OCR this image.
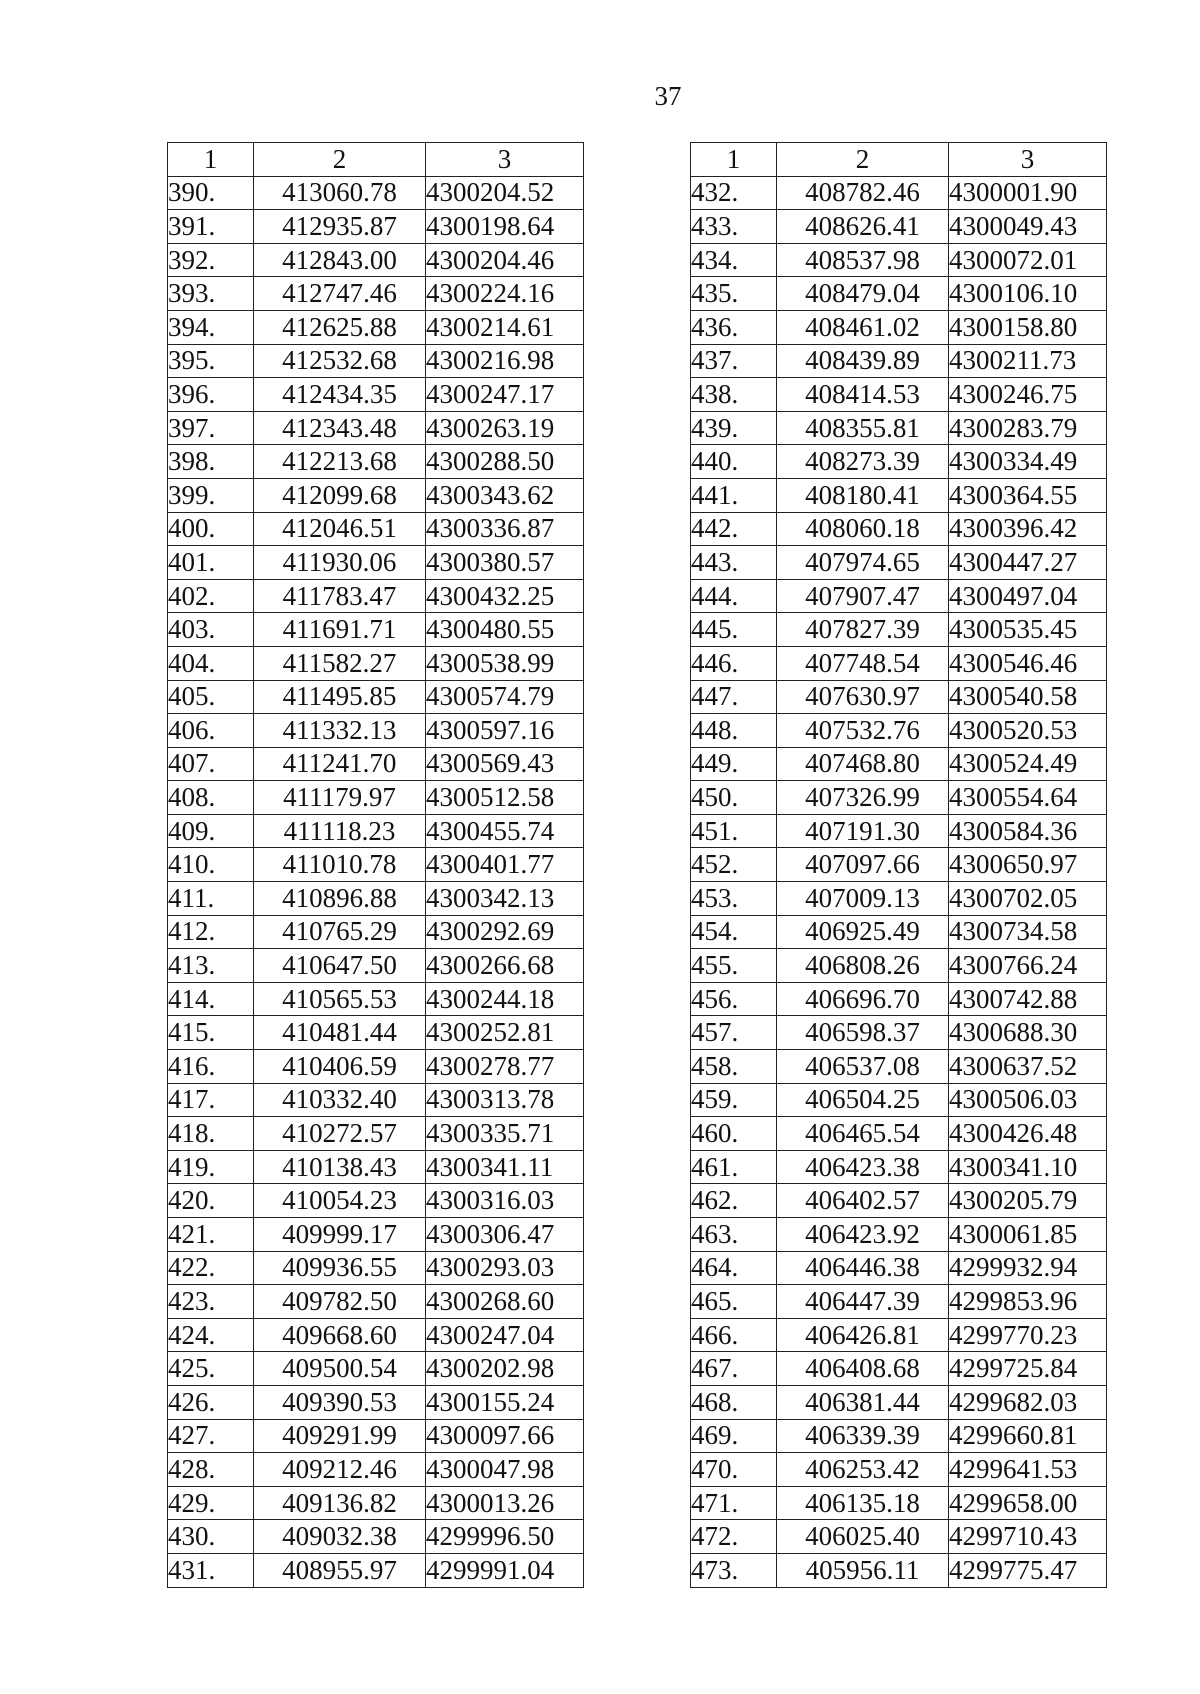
37
1	2	3
390.	413060.78	4300204.52
391.	412935.87	4300198.64
392.	412843.00	4300204.46
393.	412747.46	4300224.16
394.	412625.88	4300214.61
395.	412532.68	4300216.98
396.	412434.35	4300247.17
397.	412343.48	4300263.19
398.	412213.68	4300288.50
399.	412099.68	4300343.62
400.	412046.51	4300336.87
401.	411930.06	4300380.57
402.	411783.47	4300432.25
403.	411691.71	4300480.55
404.	411582.27	4300538.99
405.	411495.85	4300574.79
406.	411332.13	4300597.16
407.	411241.70	4300569.43
408.	411179.97	4300512.58
409.	411118.23	4300455.74
410.	411010.78	4300401.77
411.	410896.88	4300342.13
412.	410765.29	4300292.69
413.	410647.50	4300266.68
414.	410565.53	4300244.18
415.	410481.44	4300252.81
416.	410406.59	4300278.77
417.	410332.40	4300313.78
418.	410272.57	4300335.71
419.	410138.43	4300341.11
420.	410054.23	4300316.03
421.	409999.17	4300306.47
422.	409936.55	4300293.03
423.	409782.50	4300268.60
424.	409668.60	4300247.04
425.	409500.54	4300202.98
426.	409390.53	4300155.24
427.	409291.99	4300097.66
428.	409212.46	4300047.98
429.	409136.82	4300013.26
430.	409032.38	4299996.50
431.	408955.97	4299991.04
1	2	3
432.	408782.46	4300001.90
433.	408626.41	4300049.43
434.	408537.98	4300072.01
435.	408479.04	4300106.10
436.	408461.02	4300158.80
437.	408439.89	4300211.73
438.	408414.53	4300246.75
439.	408355.81	4300283.79
440.	408273.39	4300334.49
441.	408180.41	4300364.55
442.	408060.18	4300396.42
443.	407974.65	4300447.27
444.	407907.47	4300497.04
445.	407827.39	4300535.45
446.	407748.54	4300546.46
447.	407630.97	4300540.58
448.	407532.76	4300520.53
449.	407468.80	4300524.49
450.	407326.99	4300554.64
451.	407191.30	4300584.36
452.	407097.66	4300650.97
453.	407009.13	4300702.05
454.	406925.49	4300734.58
455.	406808.26	4300766.24
456.	406696.70	4300742.88
457.	406598.37	4300688.30
458.	406537.08	4300637.52
459.	406504.25	4300506.03
460.	406465.54	4300426.48
461.	406423.38	4300341.10
462.	406402.57	4300205.79
463.	406423.92	4300061.85
464.	406446.38	4299932.94
465.	406447.39	4299853.96
466.	406426.81	4299770.23
467.	406408.68	4299725.84
468.	406381.44	4299682.03
469.	406339.39	4299660.81
470.	406253.42	4299641.53
471.	406135.18	4299658.00
472.	406025.40	4299710.43
473.	405956.11	4299775.47
